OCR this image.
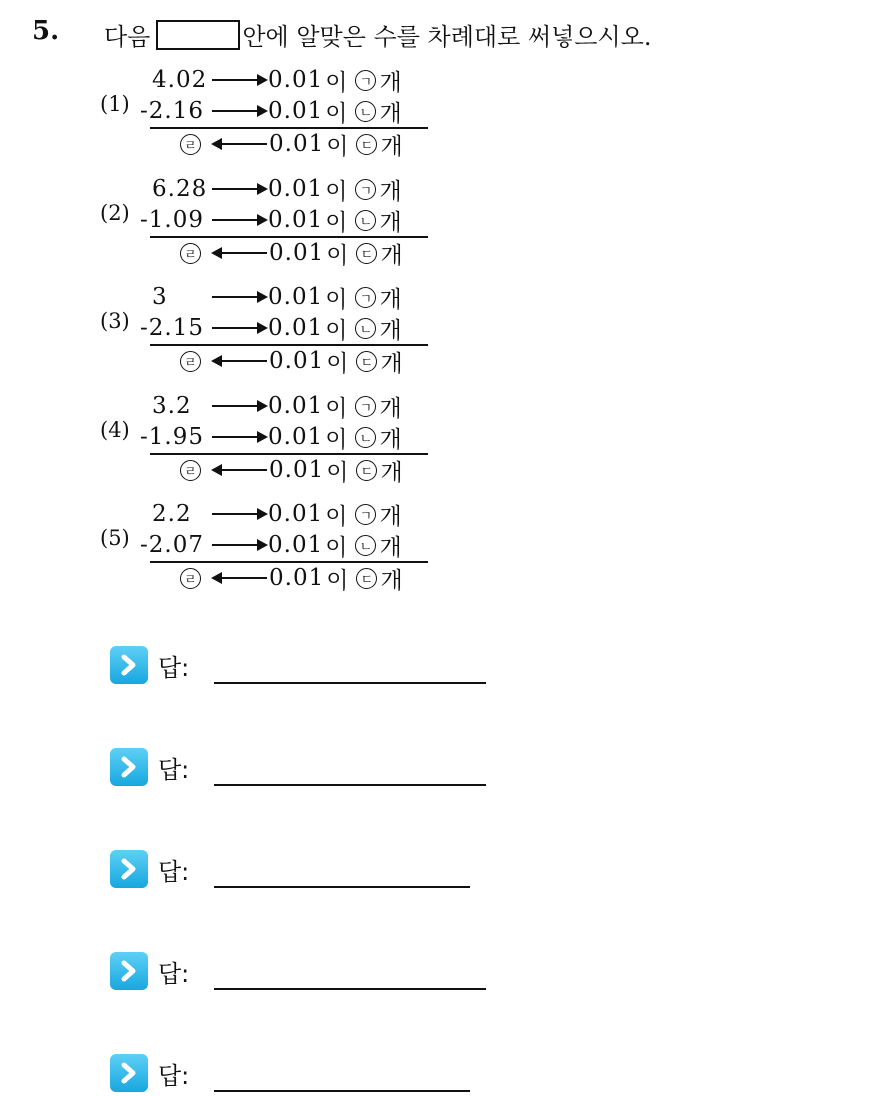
5. 다음	안에 알맞은 수를 차례대로 써넣으시오.
(1)
4.02	0.01 이 ㄱ 개
-2.16	0.01 이 ㄴ 개
ㄹ	0.01 이 ㄷ 개
(2)
6.28	0.01 이 ㄱ 개
-1.09	0.01 이 ㄴ 개
ㄹ	0.01 이 ㄷ 개
(3)
3	0.01 이 ㄱ 개
-2.15	0.01 이 ㄴ 개
ㄹ	0.01 이 ㄷ 개
(4)
3.2	0.01 이 ㄱ 개
-1.95	0.01 이 ㄴ 개
ㄹ	0.01 이 ㄷ 개
(5)
2.2	0.01 이 ㄱ 개
-2.07	0.01 이 ㄴ 개
ㄹ	0.01 이 ㄷ 개
답:
답:
답:
답:
답:
